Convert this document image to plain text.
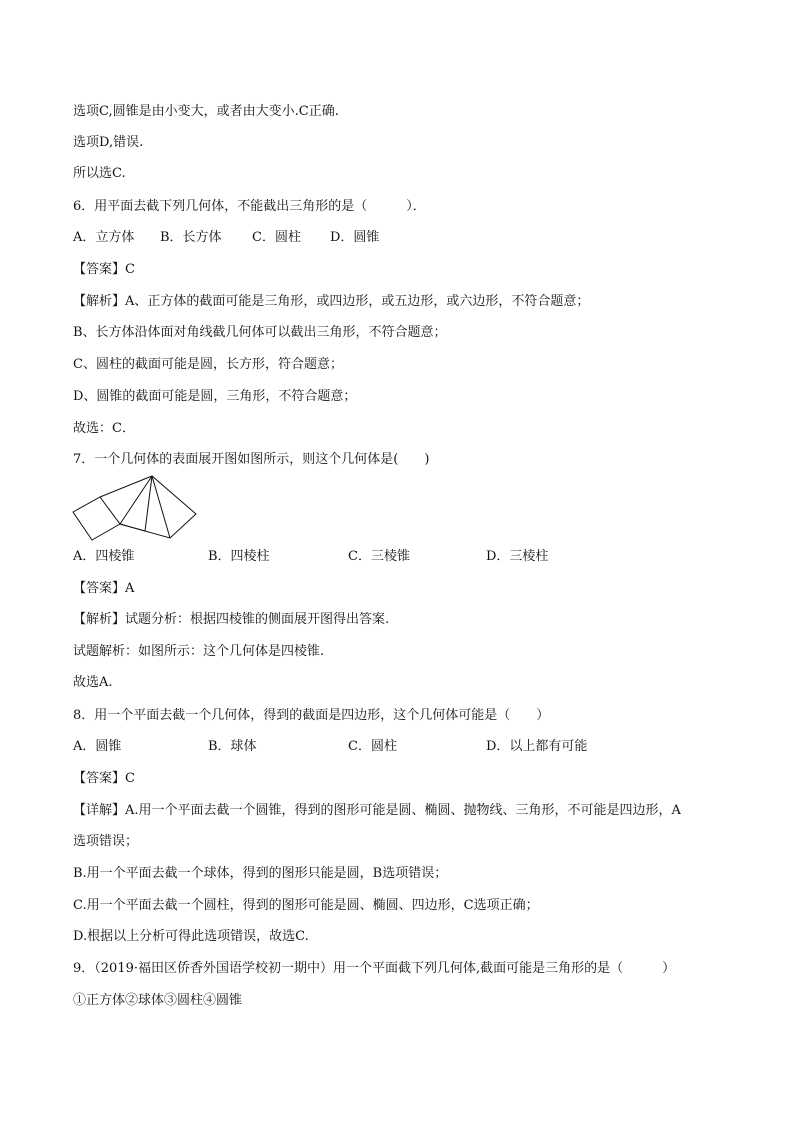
选项C,圆锥是由小变大，或者由大变小.C正确.
选项D,错误.
所以选C.
6．用平面去截下列几何体，不能截出三角形的是（　　　）．
A．立方体 B．长方体 C．圆柱 D．圆锥
【答案】C
【解析】A、正方体的截面可能是三角形，或四边形，或五边形，或六边形，不符合题意；
B、长方体沿体面对角线截几何体可以截出三角形，不符合题意；
C、圆柱的截面可能是圆，长方形，符合题意；
D、圆锥的截面可能是圆，三角形，不符合题意；
故选：C．
7．一个几何体的表面展开图如图所示，则这个几何体是(　　)
A．四棱锥	B．四棱柱	C．三棱锥	D．三棱柱
【答案】A
【解析】试题分析：根据四棱锥的侧面展开图得出答案.
试题解析：如图所示：这个几何体是四棱锥.
故选A.
8．用一个平面去截一个几何体，得到的截面是四边形，这个几何体可能是（　　）
A．圆锥	B．球体	C．圆柱	D．以上都有可能
【答案】C
【详解】A.用一个平面去截一个圆锥，得到的图形可能是圆、椭圆、抛物线、三角形，不可能是四边形，A
选项错误；
B.用一个平面去截一个球体，得到的图形只能是圆，B选项错误；
C.用一个平面去截一个圆柱，得到的图形可能是圆、椭圆、四边形，C选项正确；
D.根据以上分析可得此选项错误，故选C.
9．（2019·福田区侨香外国语学校初一期中）用一个平面截下列几何体,截面可能是三角形的是（　　　）
①正方体②球体③圆柱④圆锥
